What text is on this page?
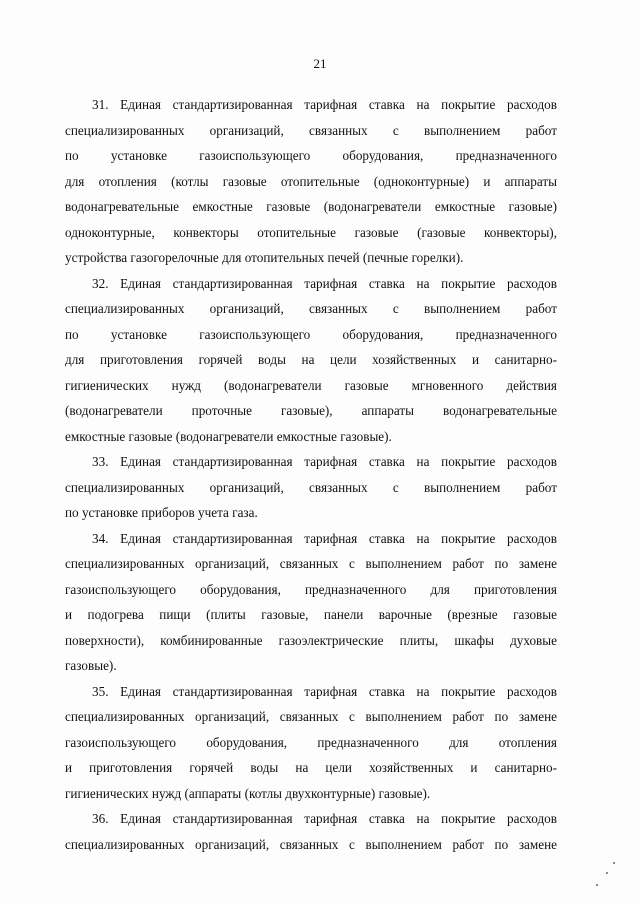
21
31. Единая стандартизированная тарифная ставка на покрытие расходов
специализированных организаций, связанных с выполнением работ
по установке газоиспользующего оборудования, предназначенного
для отопления (котлы газовые отопительные (одноконтурные) и аппараты
водонагревательные емкостные газовые (водонагреватели емкостные газовые)
одноконтурные, конвекторы отопительные газовые (газовые конвекторы),
устройства газогорелочные для отопительных печей (печные горелки).
32. Единая стандартизированная тарифная ставка на покрытие расходов
специализированных организаций, связанных с выполнением работ
по установке газоиспользующего оборудования, предназначенного
для приготовления горячей воды на цели хозяйственных и санитарно-
гигиенических нужд (водонагреватели газовые мгновенного действия
(водонагреватели проточные газовые), аппараты водонагревательные
емкостные газовые (водонагреватели емкостные газовые).
33. Единая стандартизированная тарифная ставка на покрытие расходов
специализированных организаций, связанных с выполнением работ
по установке приборов учета газа.
34. Единая стандартизированная тарифная ставка на покрытие расходов
специализированных организаций, связанных с выполнением работ по замене
газоиспользующего оборудования, предназначенного для приготовления
и подогрева пищи (плиты газовые, панели варочные (врезные газовые
поверхности), комбинированные газоэлектрические плиты, шкафы духовые
газовые).
35. Единая стандартизированная тарифная ставка на покрытие расходов
специализированных организаций, связанных с выполнением работ по замене
газоиспользующего оборудования, предназначенного для отопления
и приготовления горячей воды на цели хозяйственных и санитарно-
гигиенических нужд (аппараты (котлы двухконтурные) газовые).
36. Единая стандартизированная тарифная ставка на покрытие расходов
специализированных организаций, связанных с выполнением работ по замене
